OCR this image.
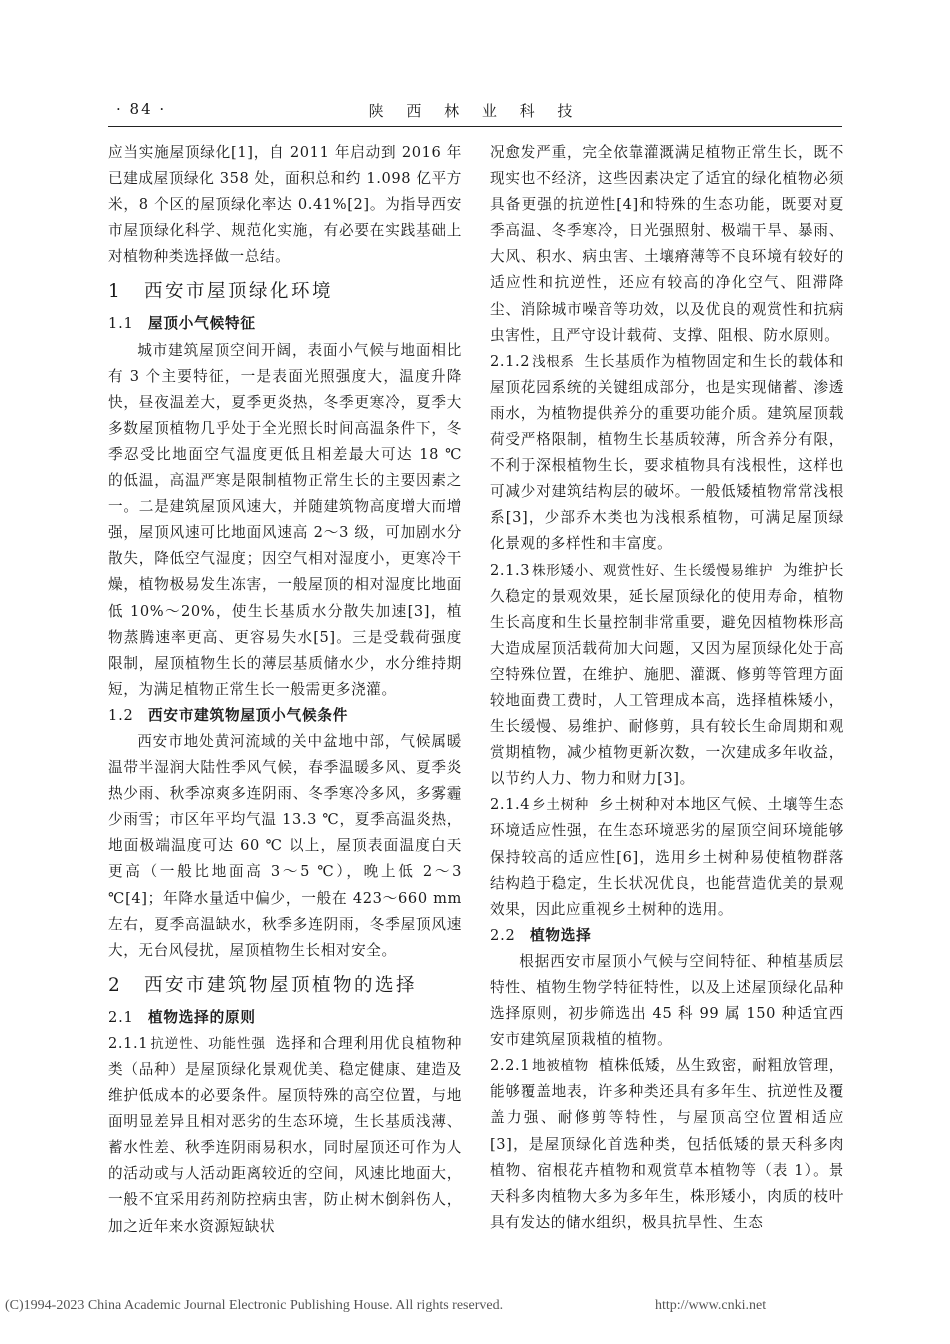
· 84 ·	陕 西 林 业 科 技

应当实施屋顶绿化[1]，自 2011 年启动到 2016 年已建成屋顶绿化 358 处，面积总和约 1.098 亿平方米，8 个区的屋顶绿化率达 0.41%[2]。为指导西安市屋顶绿化科学、规范化实施，有必要在实践基础上对植物种类选择做一总结。

1 西安市屋顶绿化环境
1.1 屋顶小气候特征

城市建筑屋顶空间开阔，表面小气候与地面相比有 3 个主要特征，一是表面光照强度大，温度升降快，昼夜温差大，夏季更炎热，冬季更寒冷，夏季大多数屋顶植物几乎处于全光照长时间高温条件下，冬季忍受比地面空气温度更低且相差最大可达 18 ℃ 的低温，高温严寒是限制植物正常生长的主要因素之一。二是建筑屋顶风速大，并随建筑物高度增大而增强，屋顶风速可比地面风速高 2～3 级，可加剧水分散失，降低空气湿度；因空气相对湿度小，更寒冷干燥，植物极易发生冻害，一般屋顶的相对湿度比地面低 10%～20%，使生长基质水分散失加速[3]，植物蒸腾速率更高、更容易失水[5]。三是受载荷强度限制，屋顶植物生长的薄层基质储水少，水分维持期短，为满足植物正常生长一般需更多浇灌。

1.2 西安市建筑物屋顶小气候条件

西安市地处黄河流域的关中盆地中部，气候属暖温带半湿润大陆性季风气候，春季温暖多风、夏季炎热少雨、秋季凉爽多连阴雨、冬季寒冷多风，多雾霾少雨雪；市区年平均气温 13.3 ℃，夏季高温炎热，地面极端温度可达 60 ℃ 以上，屋顶表面温度白天更高（一般比地面高 3～5 ℃），晚上低 2～3 ℃[4]；年降水量适中偏少，一般在 423～660 mm 左右，夏季高温缺水，秋季多连阴雨，冬季屋顶风速大，无台风侵扰，屋顶植物生长相对安全。

2 西安市建筑物屋顶植物的选择
2.1 植物选择的原则

2.1.1 抗逆性、功能性强 选择和合理利用优良植物种类（品种）是屋顶绿化景观优美、稳定健康、建造及维护低成本的必要条件。屋顶特殊的高空位置，与地面明显差异且相对恶劣的生态环境，生长基质浅薄、蓄水性差、秋季连阴雨易积水，同时屋顶还可作为人的活动或与人活动距离较近的空间，风速比地面大，一般不宜采用药剂防控病虫害，防止树木倒斜伤人，加之近年来水资源短缺状

况愈发严重，完全依靠灌溉满足植物正常生长，既不现实也不经济，这些因素决定了适宜的绿化植物必须具备更强的抗逆性[4]和特殊的生态功能，既要对夏季高温、冬季寒冷，日光强照射、极端干旱、暴雨、大风、积水、病虫害、土壤瘠薄等不良环境有较好的适应性和抗逆性，还应有较高的净化空气、阻滞降尘、消除城市噪音等功效，以及优良的观赏性和抗病虫害性，且严守设计载荷、支撑、阻根、防水原则。

2.1.2 浅根系 生长基质作为植物固定和生长的载体和屋顶花园系统的关键组成部分，也是实现储蓄、渗透雨水，为植物提供养分的重要功能介质。建筑屋顶载荷受严格限制，植物生长基质较薄，所含养分有限，不利于深根植物生长，要求植物具有浅根性，这样也可减少对建筑结构层的破坏。一般低矮植物常常浅根系[3]，少部乔木类也为浅根系植物，可满足屋顶绿化景观的多样性和丰富度。

2.1.3 株形矮小、观赏性好、生长缓慢易维护 为维护长久稳定的景观效果，延长屋顶绿化的使用寿命，植物生长高度和生长量控制非常重要，避免因植物株形高大造成屋顶活载荷加大问题，又因为屋顶绿化处于高空特殊位置，在维护、施肥、灌溉、修剪等管理方面较地面费工费时，人工管理成本高，选择植株矮小，生长缓慢、易维护、耐修剪，具有较长生命周期和观赏期植物，减少植物更新次数，一次建成多年收益，以节约人力、物力和财力[3]。

2.1.4 乡土树种 乡土树种对本地区气候、土壤等生态环境适应性强，在生态环境恶劣的屋顶空间环境能够保持较高的适应性[6]，选用乡土树种易使植物群落结构趋于稳定，生长状况优良，也能营造优美的景观效果，因此应重视乡土树种的选用。

2.2 植物选择

根据西安市屋顶小气候与空间特征、种植基质层特性、植物生物学特征特性，以及上述屋顶绿化品种选择原则，初步筛选出 45 科 99 属 150 种适宜西安市建筑屋顶栽植的植物。

2.2.1 地被植物 植株低矮，丛生致密，耐粗放管理，能够覆盖地表，许多种类还具有多年生、抗逆性及覆盖力强、耐修剪等特性，与屋顶高空位置相适应[3]，是屋顶绿化首选种类，包括低矮的景天科多肉植物、宿根花卉植物和观赏草本植物等（表 1）。景天科多肉植物大多为多年生，株形矮小，肉质的枝叶具有发达的储水组织，极具抗旱性、生态

(C)1994-2023 China Academic Journal Electronic Publishing House. All rights reserved.	http://www.cnki.net
